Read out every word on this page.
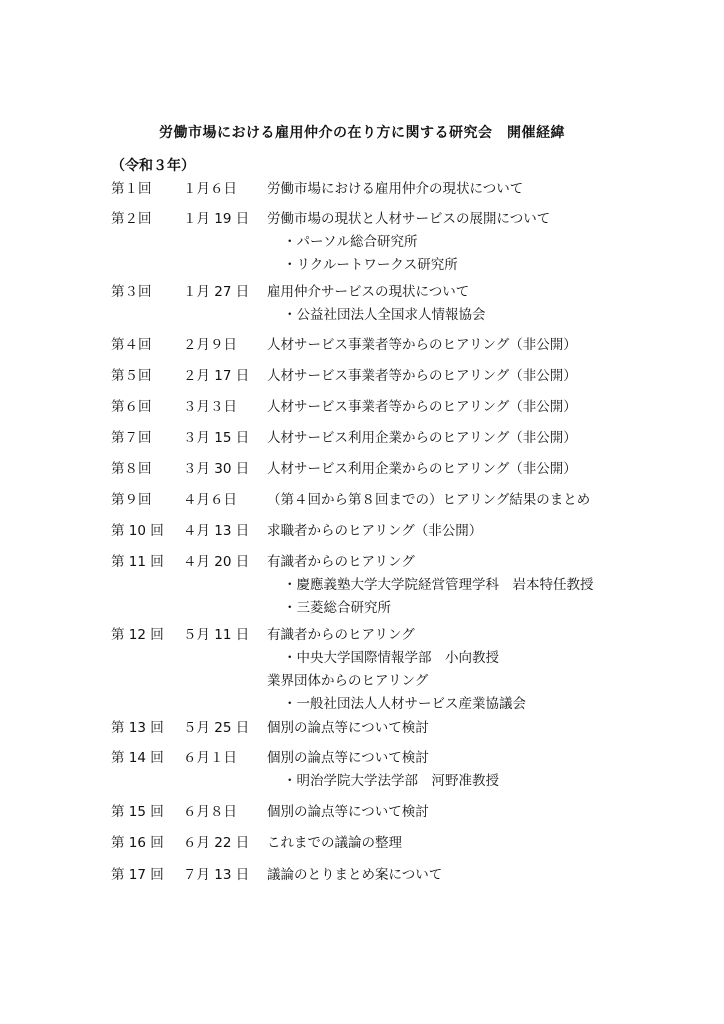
労働市場における雇用仲介の在り方に関する研究会　開催経緯
（令和３年）
第１回 １月６日 労働市場における雇用仲介の現状について
第２回 １月 19 日 労働市場の現状と人材サービスの展開について
・パーソル総合研究所
・リクルートワークス研究所
第３回 １月 27 日 雇用仲介サービスの現状について
・公益社団法人全国求人情報協会
第４回 ２月９日 人材サービス事業者等からのヒアリング（非公開）
第５回 ２月 17 日 人材サービス事業者等からのヒアリング（非公開）
第６回 ３月３日 人材サービス事業者等からのヒアリング（非公開）
第７回 ３月 15 日 人材サービス利用企業からのヒアリング（非公開）
第８回 ３月 30 日 人材サービス利用企業からのヒアリング（非公開）
第９回 ４月６日 （第４回から第８回までの）ヒアリング結果のまとめ
第 10 回 ４月 13 日 求職者からのヒアリング（非公開）
第 11 回 ４月 20 日 有識者からのヒアリング
・慶應義塾大学大学院経営管理学科　岩本特任教授
・三菱総合研究所
第 12 回 ５月 11 日 有識者からのヒアリング
・中央大学国際情報学部　小向教授
業界団体からのヒアリング
・一般社団法人人材サービス産業協議会
第 13 回 ５月 25 日 個別の論点等について検討
第 14 回 ６月１日 個別の論点等について検討
・明治学院大学法学部　河野准教授
第 15 回 ６月８日 個別の論点等について検討
第 16 回 ６月 22 日 これまでの議論の整理
第 17 回 ７月 13 日 議論のとりまとめ案について
